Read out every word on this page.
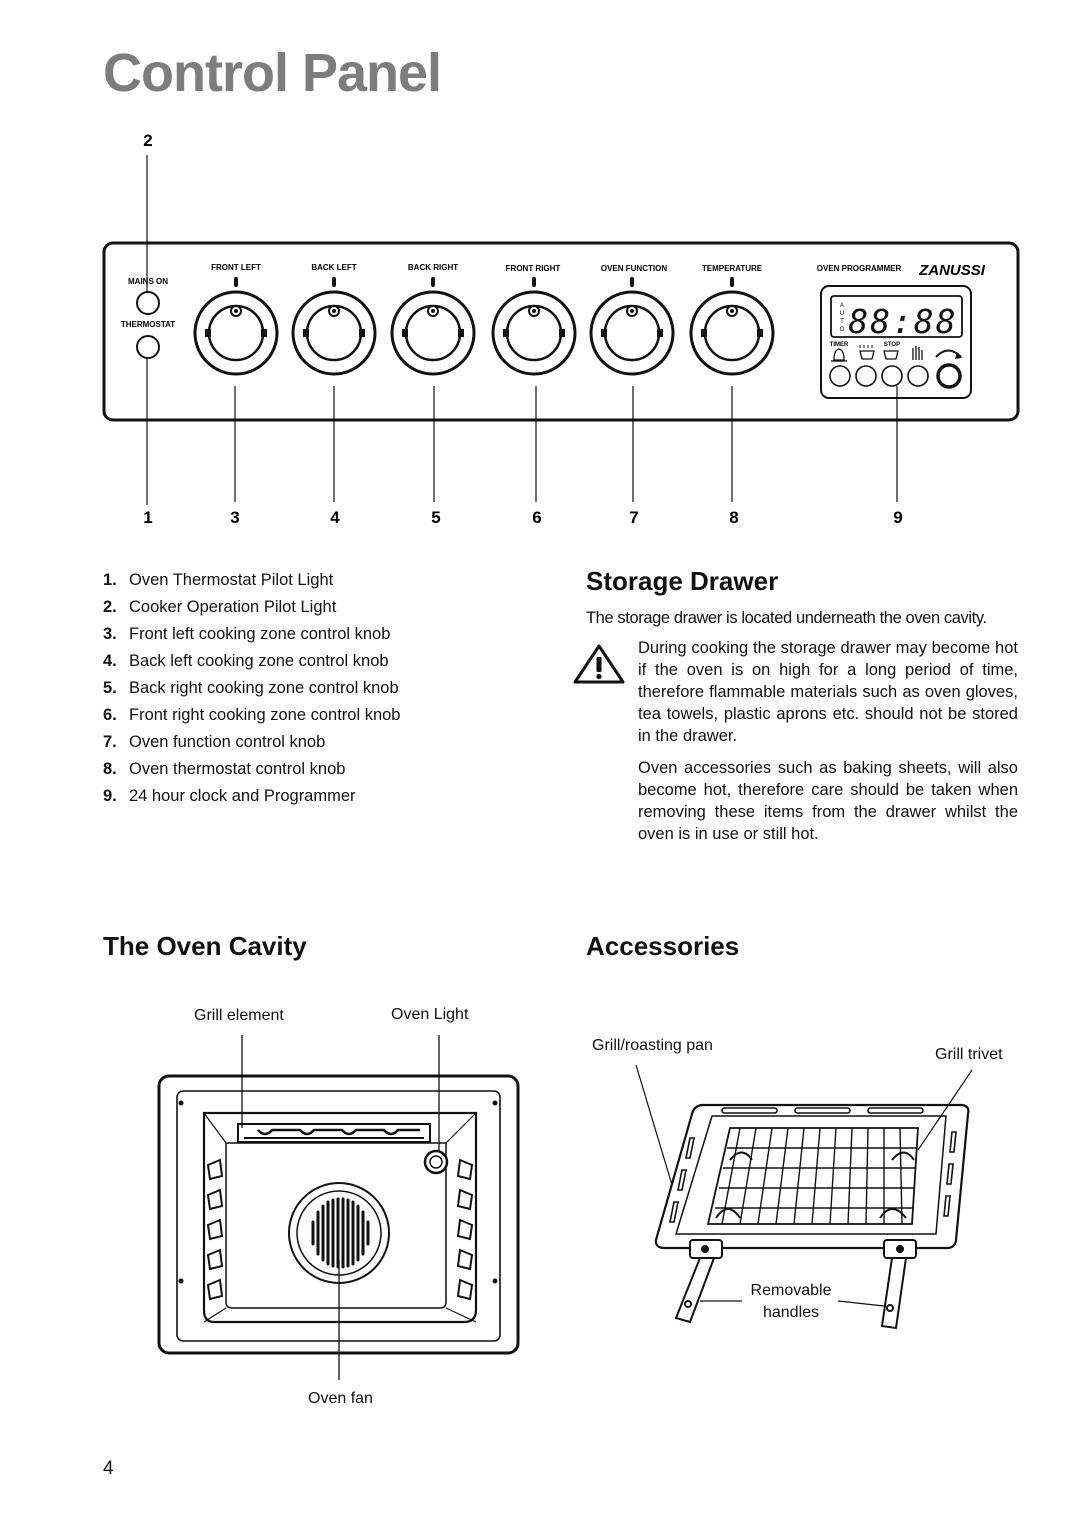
Control Panel
MAINS ON
THERMOSTAT
FRONT LEFT	BACK LEFT	BACK RIGHT	FRONT RIGHT	OVEN FUNCTION	TEMPERATURE	OVEN PROGRAMMER ZANUSSI
A
U
T
O 88:88
TIMER	STOP
2
1	3	4	5	6	7	8	9
1. Oven Thermostat Pilot Light
2. Cooker Operation Pilot Light
3. Front left cooking zone control knob
4. Back left cooking zone control knob
5. Back right cooking zone control knob
6. Front right cooking zone control knob
7. Oven function control knob
8. Oven thermostat control knob
9. 24 hour clock and Programmer
Storage Drawer

The storage drawer is located underneath the oven cavity.

During cooking the storage drawer may become hot if the oven is on high for a long period of time, therefore flammable materials such as oven gloves, tea towels, plastic aprons etc. should not be stored in the drawer.

Oven accessories such as baking sheets, will also become hot, therefore care should be taken when removing these items from the drawer whilst the oven is in use or still hot.

The Oven Cavity
Grill element	Oven Light
Oven fan
Accessories
Grill/roasting pan
Grill trivet
Removable
handles
4
